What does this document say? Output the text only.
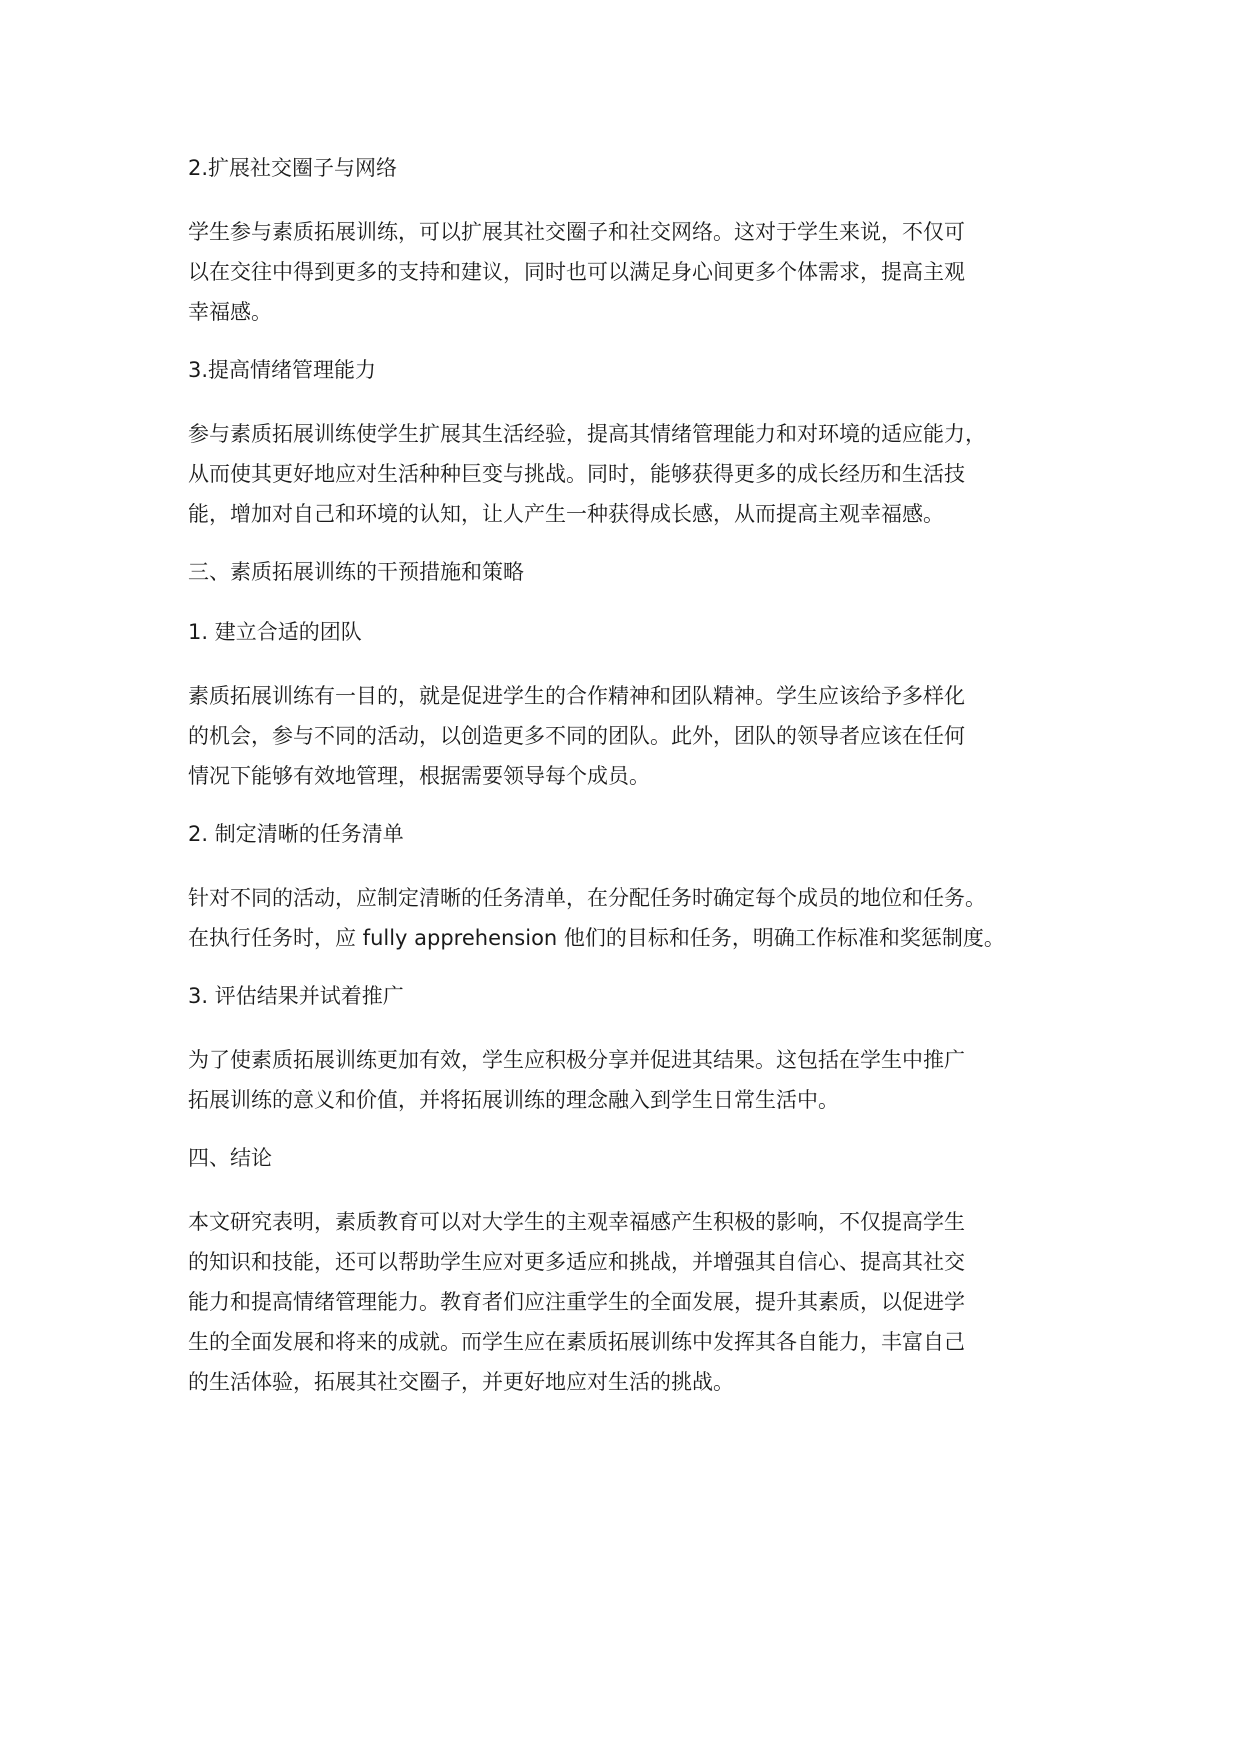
2.扩展社交圈子与网络
学生参与素质拓展训练，可以扩展其社交圈子和社交网络。这对于学生来说，不仅可
以在交往中得到更多的支持和建议，同时也可以满足身心间更多个体需求，提高主观
幸福感。
3.提高情绪管理能力
参与素质拓展训练使学生扩展其生活经验，提高其情绪管理能力和对环境的适应能力，
从而使其更好地应对生活种种巨变与挑战。同时，能够获得更多的成长经历和生活技
能，增加对自己和环境的认知，让人产生一种获得成长感，从而提高主观幸福感。
三、素质拓展训练的干预措施和策略
1. 建立合适的团队
素质拓展训练有一目的，就是促进学生的合作精神和团队精神。学生应该给予多样化
的机会，参与不同的活动，以创造更多不同的团队。此外，团队的领导者应该在任何
情况下能够有效地管理，根据需要领导每个成员。
2. 制定清晰的任务清单
针对不同的活动，应制定清晰的任务清单，在分配任务时确定每个成员的地位和任务。
在执行任务时，应 fully apprehension 他们的目标和任务，明确工作标准和奖惩制度。
3. 评估结果并试着推广
为了使素质拓展训练更加有效，学生应积极分享并促进其结果。这包括在学生中推广
拓展训练的意义和价值，并将拓展训练的理念融入到学生日常生活中。
四、结论
本文研究表明，素质教育可以对大学生的主观幸福感产生积极的影响，不仅提高学生
的知识和技能，还可以帮助学生应对更多适应和挑战，并增强其自信心、提高其社交
能力和提高情绪管理能力。教育者们应注重学生的全面发展，提升其素质，以促进学
生的全面发展和将来的成就。而学生应在素质拓展训练中发挥其各自能力，丰富自己
的生活体验，拓展其社交圈子，并更好地应对生活的挑战。
